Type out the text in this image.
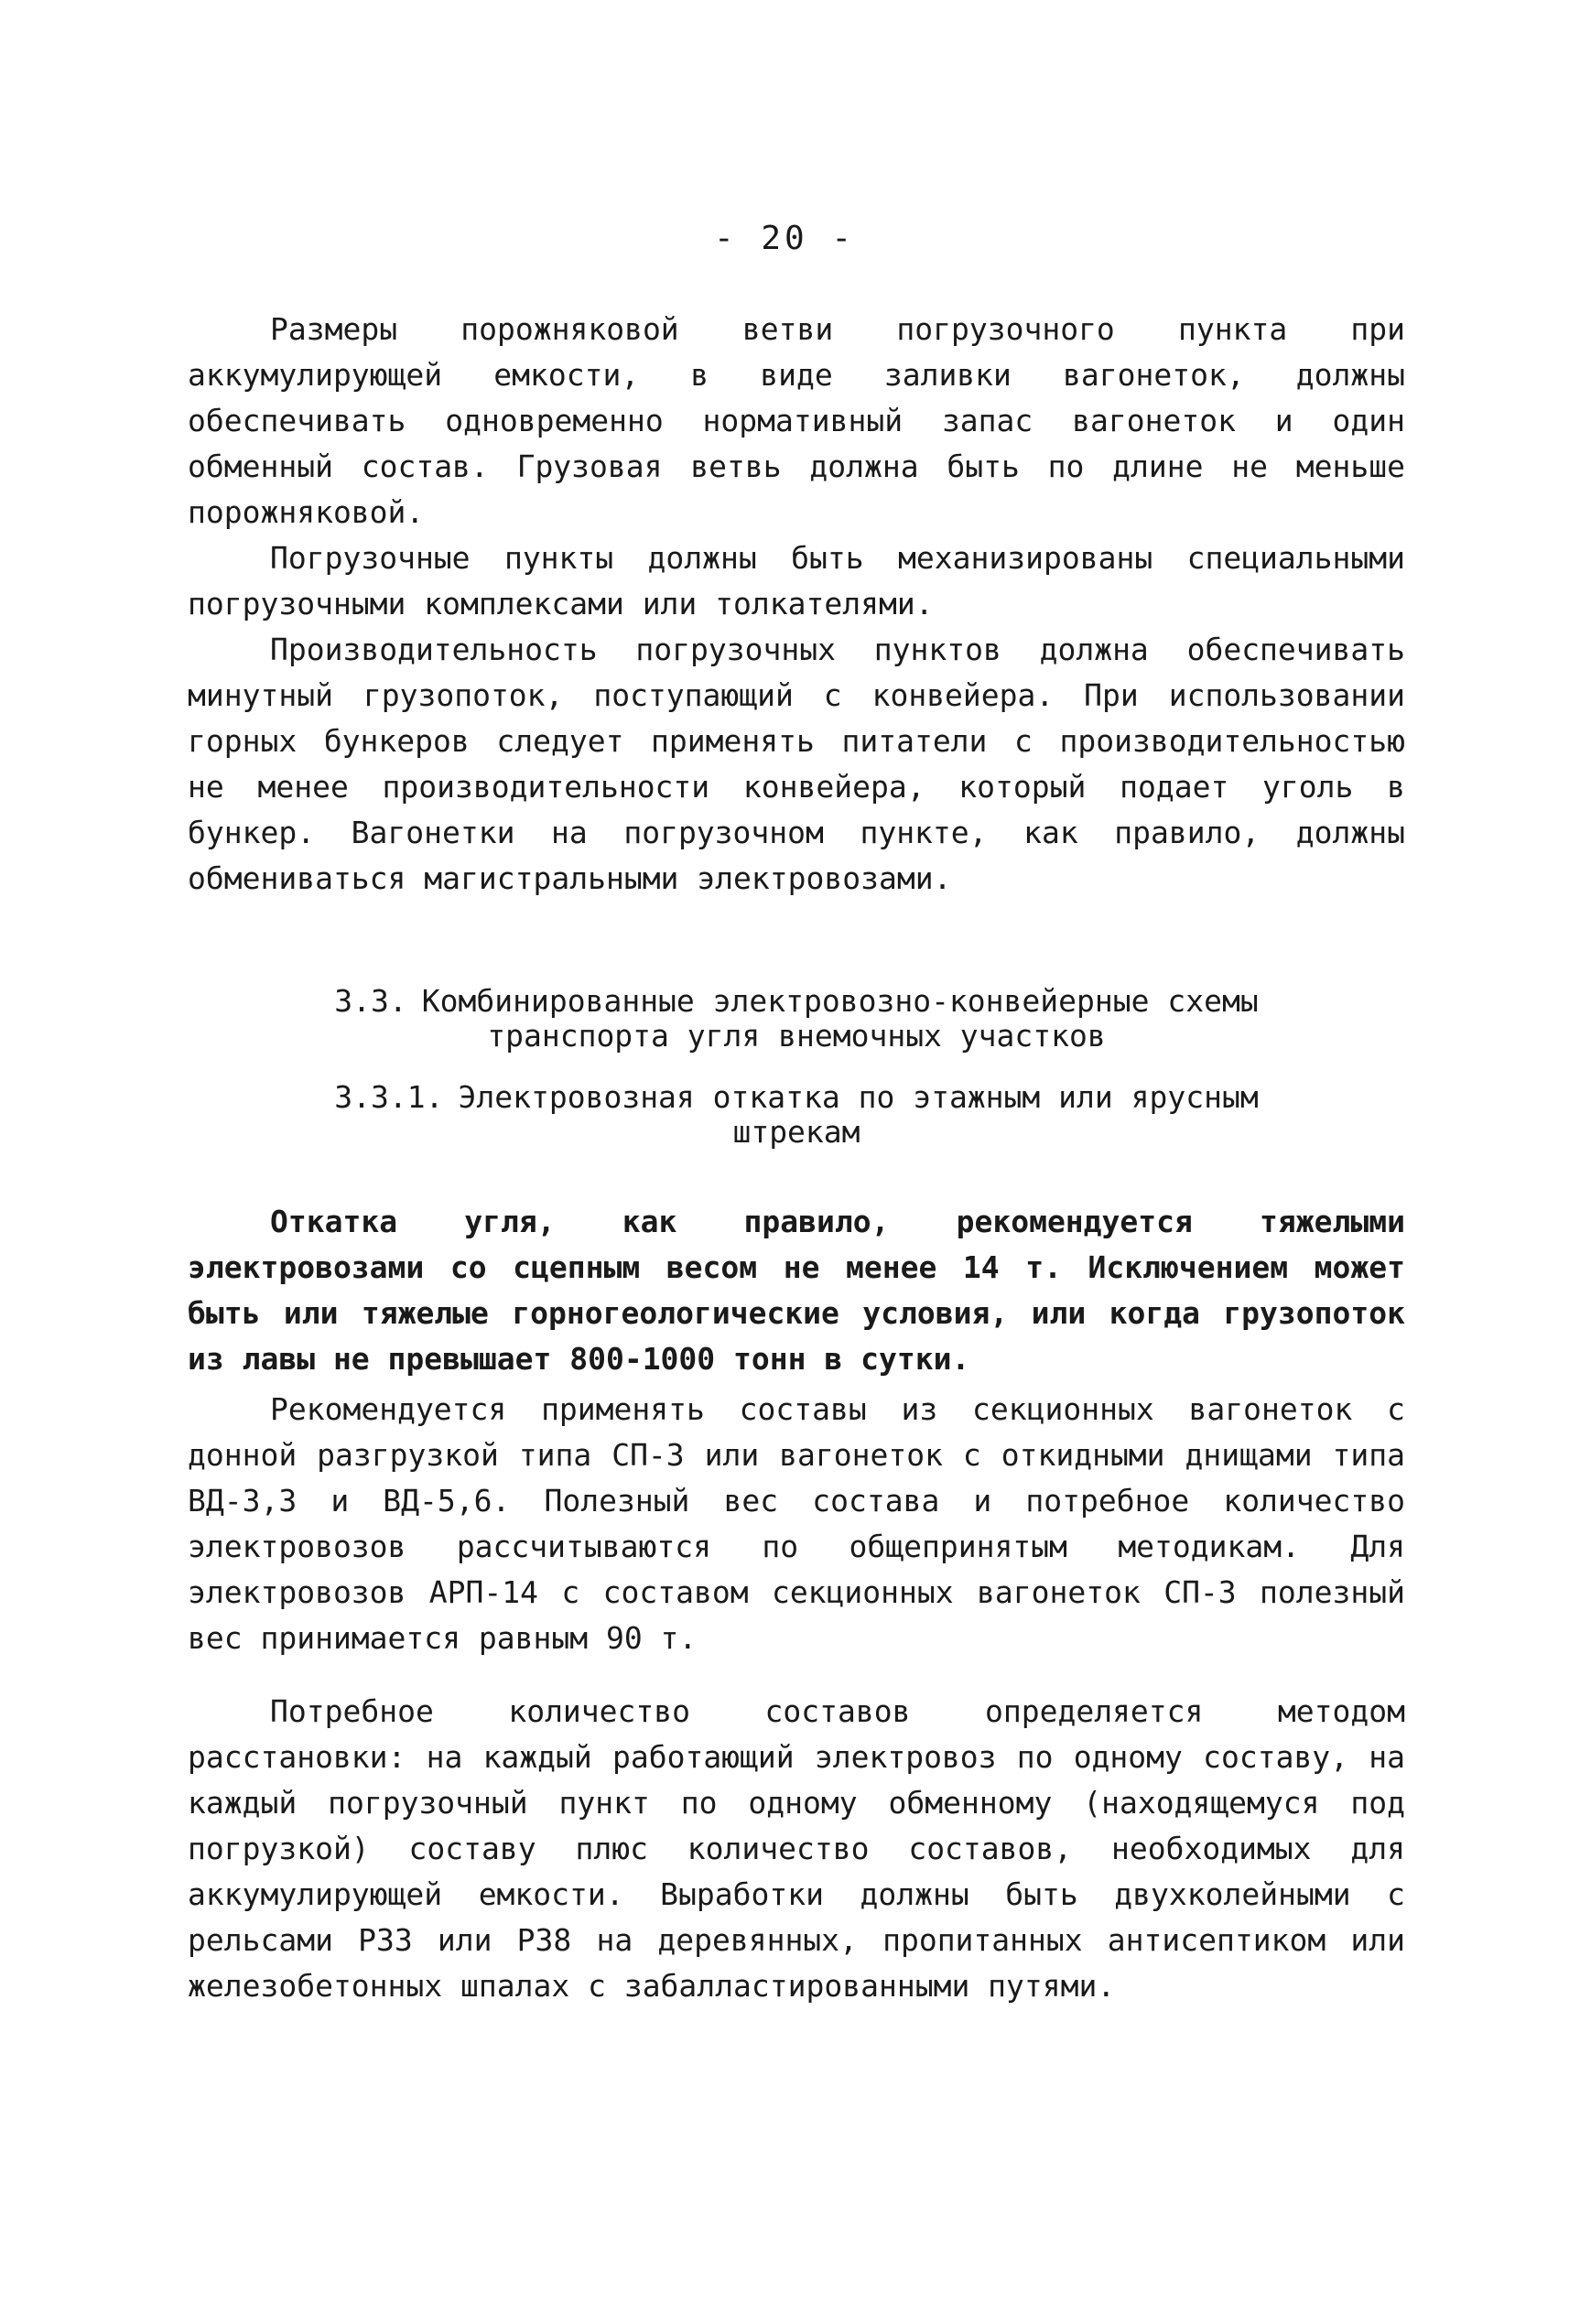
- 20 -

Размеры порожняковой ветви погрузочного пункта при аккумулирующей емкости, в виде заливки вагонеток, должны обеспечивать одновременно нормативный запас вагонеток и один обменный состав. Грузовая ветвь должна быть по длине не меньше порожняковой.

Погрузочные пункты должны быть механизированы специальными погрузочными комплексами или толкателями.

Производительность погрузочных пунктов должна обеспечивать минутный грузопоток, поступающий с конвейера. При использовании горных бункеров следует применять питатели с производительностью не менее производительности конвейера, который подает уголь в бункер. Вагонетки на погрузочном пункте, как правило, должны обмениваться магистральными электровозами.

3.3. Комбинированные электровозно-конвейерные схемы
транспорта угля внемочных участков
3.3.1. Электровозная откатка по этажным или ярусным
штрекам

Откатка угля, как правило, рекомендуется тяжелыми электровозами со сцепным весом не менее 14 т. Исключением может быть или тяжелые горногеологические условия, или когда грузопоток из лавы не превышает 800-1000 тонн в сутки.

Рекомендуется применять составы из секционных вагонеток с донной разгрузкой типа СП-3 или вагонеток с откидными днищами типа ВД-3,3 и ВД-5,6. Полезный вес состава и потребное количество электровозов рассчитываются по общепринятым методикам. Для электровозов АРП-14 с составом секционных вагонеток СП-3 полезный вес принимается равным 90 т.

Потребное количество составов определяется методом расстановки: на каждый работающий электровоз по одному составу, на каждый погрузочный пункт по одному обменному (находящемуся под погрузкой) составу плюс количество составов, необходимых для аккумулирующей емкости. Выработки должны быть двухколейными с рельсами Р33 или Р38 на деревянных, пропитанных антисептиком или железобетонных шпалах с забалластированными путями.
